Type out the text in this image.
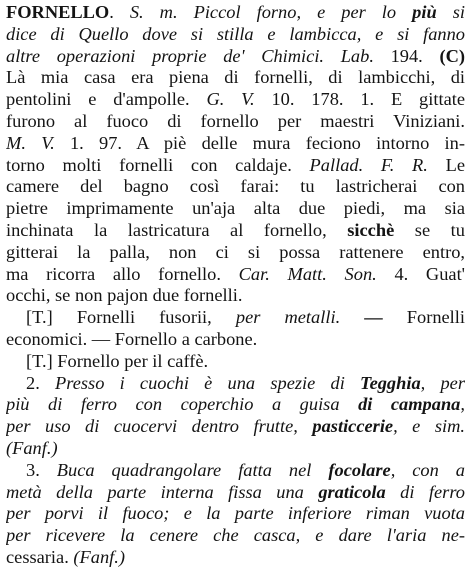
FORNELLO. S. m. Piccol forno, e per lo più si
dice di Quello dove si stilla e lambicca, e si fanno
altre operazioni proprie de' Chimici. Lab. 194. (C)
Là mia casa era piena di fornelli, di lambicchi, di
pentolini e d'ampolle. G. V. 10. 178. 1. E gittate
furono al fuoco di fornello per maestri Viniziani.
M. V. 1. 97. A piè delle mura feciono intorno in-
torno molti fornelli con caldaje. Pallad. F. R. Le
camere del bagno così farai: tu lastricherai con
pietre imprimamente un'aja alta due piedi, ma sia
inchinata la lastricatura al fornello, sicchè se tu
gitterai la palla, non ci si possa rattenere entro,
ma ricorra allo fornello. Car. Matt. Son. 4. Guat'
occhi, se non pajon due fornelli.
[T.] Fornelli fusorii, per metalli. — Fornelli
economici. — Fornello a carbone.
[T.] Fornello per il caffè.
2. Presso i cuochi è una spezie di Tegghia, per
più di ferro con coperchio a guisa di campana,
per uso di cuocervi dentro frutte, pasticcerie, e sim.
(Fanf.)
3. Buca quadrangolare fatta nel focolare, con a
metà della parte interna fissa una graticola di ferro
per porvi il fuoco; e la parte inferiore riman vuota
per ricevere la cenere che casca, e dare l'aria ne-
cessaria. (Fanf.)
